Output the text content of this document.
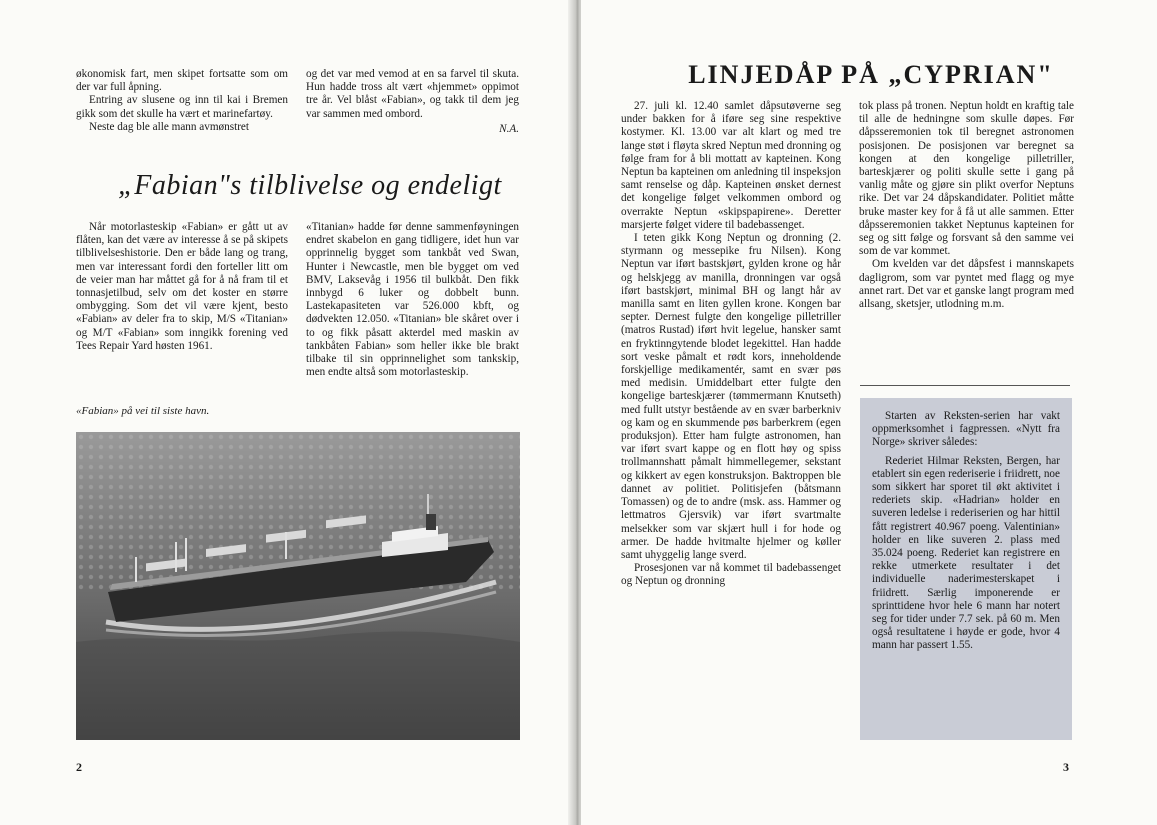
økonomisk fart, men skipet fortsatte som om der var full åpning.

Entring av slusene og inn til kai i Bremen gikk som det skulle ha vært et marinefartøy.

Neste dag ble alle mann avmønstret

og det var med vemod at en sa farvel til skuta. Hun hadde tross alt vært «hjemmet» oppimot tre år. Vel blåst «Fabian», og takk til dem jeg var sammen med ombord.

N.A.
„Fabian"s tilblivelse og endeligt

Når motorlasteskip «Fabian» er gått ut av flåten, kan det være av interesse å se på skipets tilblivelseshistorie. Den er både lang og trang, men var interessant fordi den forteller litt om de veier man har måttet gå for å nå fram til et tonnasjetilbud, selv om det koster en større ombygging. Som det vil være kjent, besto «Fabian» av deler fra to skip, M/S «Titanian» og M/T «Fabian» som inngikk forening ved Tees Repair Yard høsten 1961.

«Titanian» hadde før denne sammenføyningen endret skabelon en gang tidligere, idet hun var opprinnelig bygget som tankbåt ved Swan, Hunter i Newcastle, men ble bygget om ved BMV, Laksevåg i 1956 til bulkbåt. Den fikk innbygd 6 luker og dobbelt bunn. Lastekapasiteten var 526.000 kbft, og dødvekten 12.050. «Titanian» ble skåret over i to og fikk påsatt akterdel med maskin av tankbåten Fabian» som heller ikke ble brakt tilbake til sin opprinnelighet som tankskip, men endte altså som motorlasteskip.

«Fabian» på vei til siste havn.
2
LINJEDÅP PÅ „CYPRIAN"

27. juli kl. 12.40 samlet dåpsutøverne seg under bakken for å iføre seg sine respektive kostymer. Kl. 13.00 var alt klart og med tre lange støt i fløyta skred Neptun med dronning og følge fram for å bli mottatt av kapteinen. Kong Neptun ba kapteinen om anledning til inspeksjon samt renselse og dåp. Kapteinen ønsket dernest det kongelige følget velkommen ombord og overrakte Neptun «skipspapirene». Deretter marsjerte følget videre til badebassenget.

I teten gikk Kong Neptun og dronning (2. styrmann og messepike fru Nilsen). Kong Neptun var iført bastskjørt, gylden krone og hår og helskjegg av manilla, dronningen var også iført bastskjørt, minimal BH og langt hår av manilla samt en liten gyllen krone. Kongen bar septer. Dernest fulgte den kongelige pilletriller (matros Rustad) iført hvit legelue, hansker samt en fryktinngytende blodet legekittel. Han hadde sort veske påmalt et rødt kors, inneholdende forskjellige medikamentér, samt en svær pøs med medisin. Umiddelbart etter fulgte den kongelige barteskjærer (tømmermann Knutseth) med fullt utstyr bestående av en svær barberkniv og kam og en skummende pøs barberkrem (egen produksjon). Etter ham fulgte astronomen, han var iført svart kappe og en flott høy og spiss trollmannshatt påmalt himmellegemer, sekstant og kikkert av egen konstruksjon. Baktroppen ble dannet av politiet. Politisjefen (båtsmann Tomassen) og de to andre (msk. ass. Hammer og lettmatros Gjersvik) var iført svartmalte melsekker som var skjært hull i for hode og armer. De hadde hvitmalte hjelmer og køller samt uhyggelig lange sverd.

Prosesjonen var nå kommet til badebassenget og Neptun og dronning

tok plass på tronen. Neptun holdt en kraftig tale til alle de hedningne som skulle døpes. Før dåpsseremonien tok til beregnet astronomen posisjonen. De posisjonen var beregnet sa kongen at den kongelige pilletriller, barteskjærer og politi skulle sette i gang på vanlig måte og gjøre sin plikt overfor Neptuns rike. Det var 24 dåpskandidater. Politiet måtte bruke master key for å få ut alle sammen. Etter dåpsseremonien takket Neptunus kapteinen for seg og sitt følge og forsvant så den samme vei som de var kommet.

Om kvelden var det dåpsfest i mannskapets dagligrom, som var pyntet med flagg og mye annet rart. Det var et ganske langt program med allsang, sketsjer, utlodning m.m.

3

Starten av Reksten-serien har vakt oppmerksomhet i fagpressen. «Nytt fra Norge» skriver således:

Rederiet Hilmar Reksten, Bergen, har etablert sin egen rederiserie i friidrett, noe som sikkert har sporet til økt aktivitet i rederiets skip. «Hadrian» holder en suveren ledelse i rederiserien og har hittil fått registrert 40.967 poeng. Valentinian» holder en like suveren 2. plass med 35.024 poeng. Rederiet kan registrere en rekke utmerkete resultater i det individuelle naderimesterskapet i friidrett. Særlig imponerende er sprinttidene hvor hele 6 mann har notert seg for tider under 7.7 sek. på 60 m. Men også resultatene i høyde er gode, hvor 4 mann har passert 1.55.
